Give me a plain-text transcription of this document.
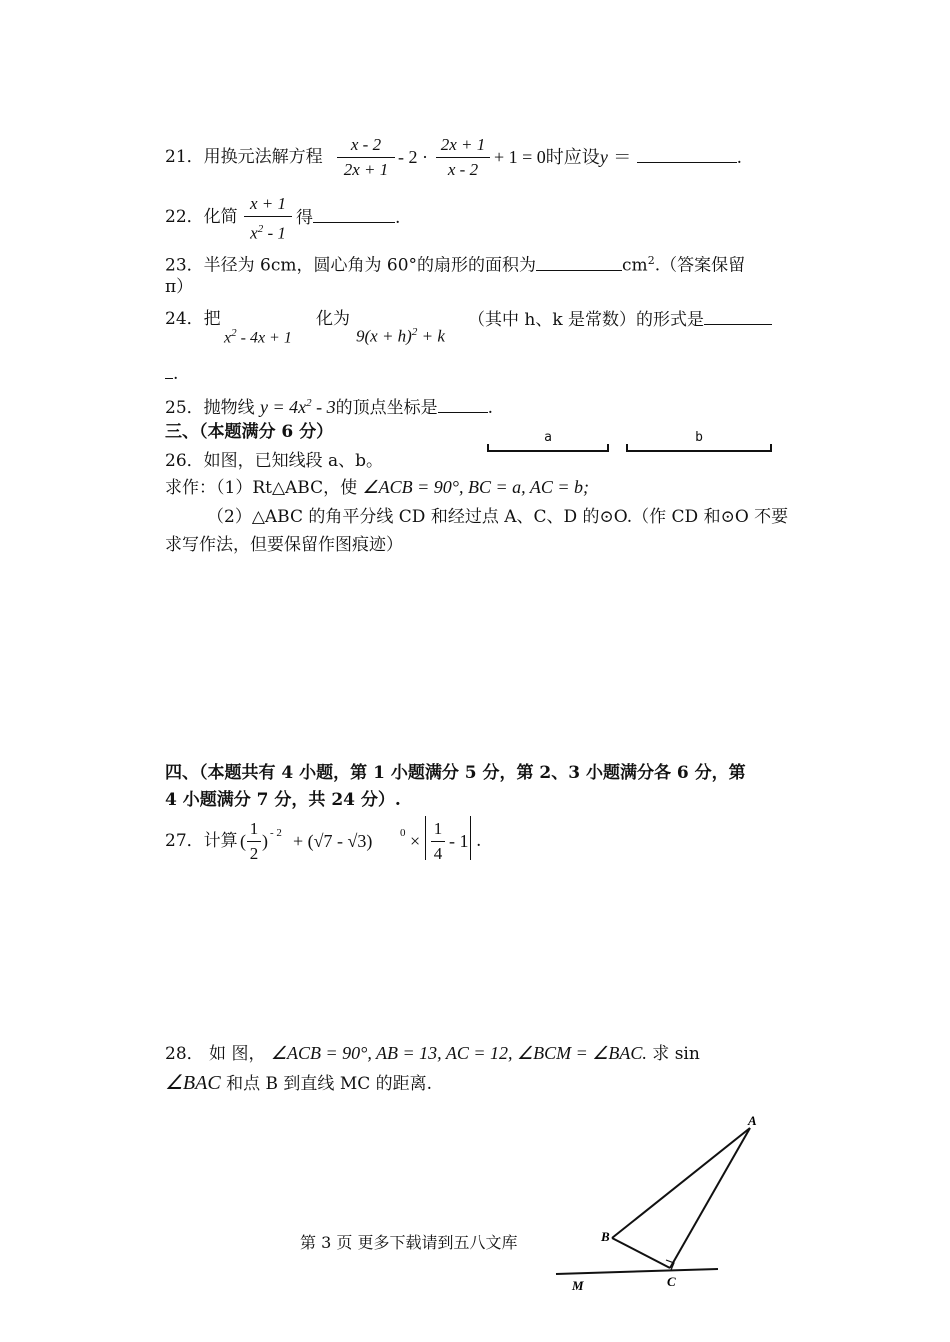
21．用换元法解方程
x - 2
2x + 1
- 2 ·
2x + 1
x - 2
+ 1 = 0时应设y ＝	.
22．化简
x + 1
$x^2 - 1$
得	.
23．半径为 6cm，圆心角为 60°的扇形的面积为	$cm^2$.（答案保留
π）
24．把
$x^2 - 4x + 1$
化为
$9(x + h)^2 + k$
（其中 h、k 是常数）的形式是
.
25．抛物线 $y = 4x^2 - 3$的顶点坐标是	.
三、（本题满分 6 分）	a	b
26．如图，已知线段 a、b。
求作：（1）Rt△ABC，使 ∠ACB = 90°, BC = a, AC = b;
（2）△ABC 的角平分线 CD 和经过点 A、C、D 的⊙O.（作 CD 和⊙O 不要
求写作法，但要保留作图痕迹）
四、（本题共有 4 小题，第 1 小题满分 5 分，第 2、3 小题满分各 6 分，第
4 小题满分 7 分，共 24 分）.
27．计算 (
1
2
) - 2 + (√7 - √3)	0 ×
1
4
- 1 .
28． 如 图， ∠ACB = 90°, AB = 13, AC = 12, ∠BCM = ∠BAC. 求 sin
∠BAC 和点 B 到直线 MC 的距离.
A
B
C
M
第 3 页 更多下载请到五八文库
